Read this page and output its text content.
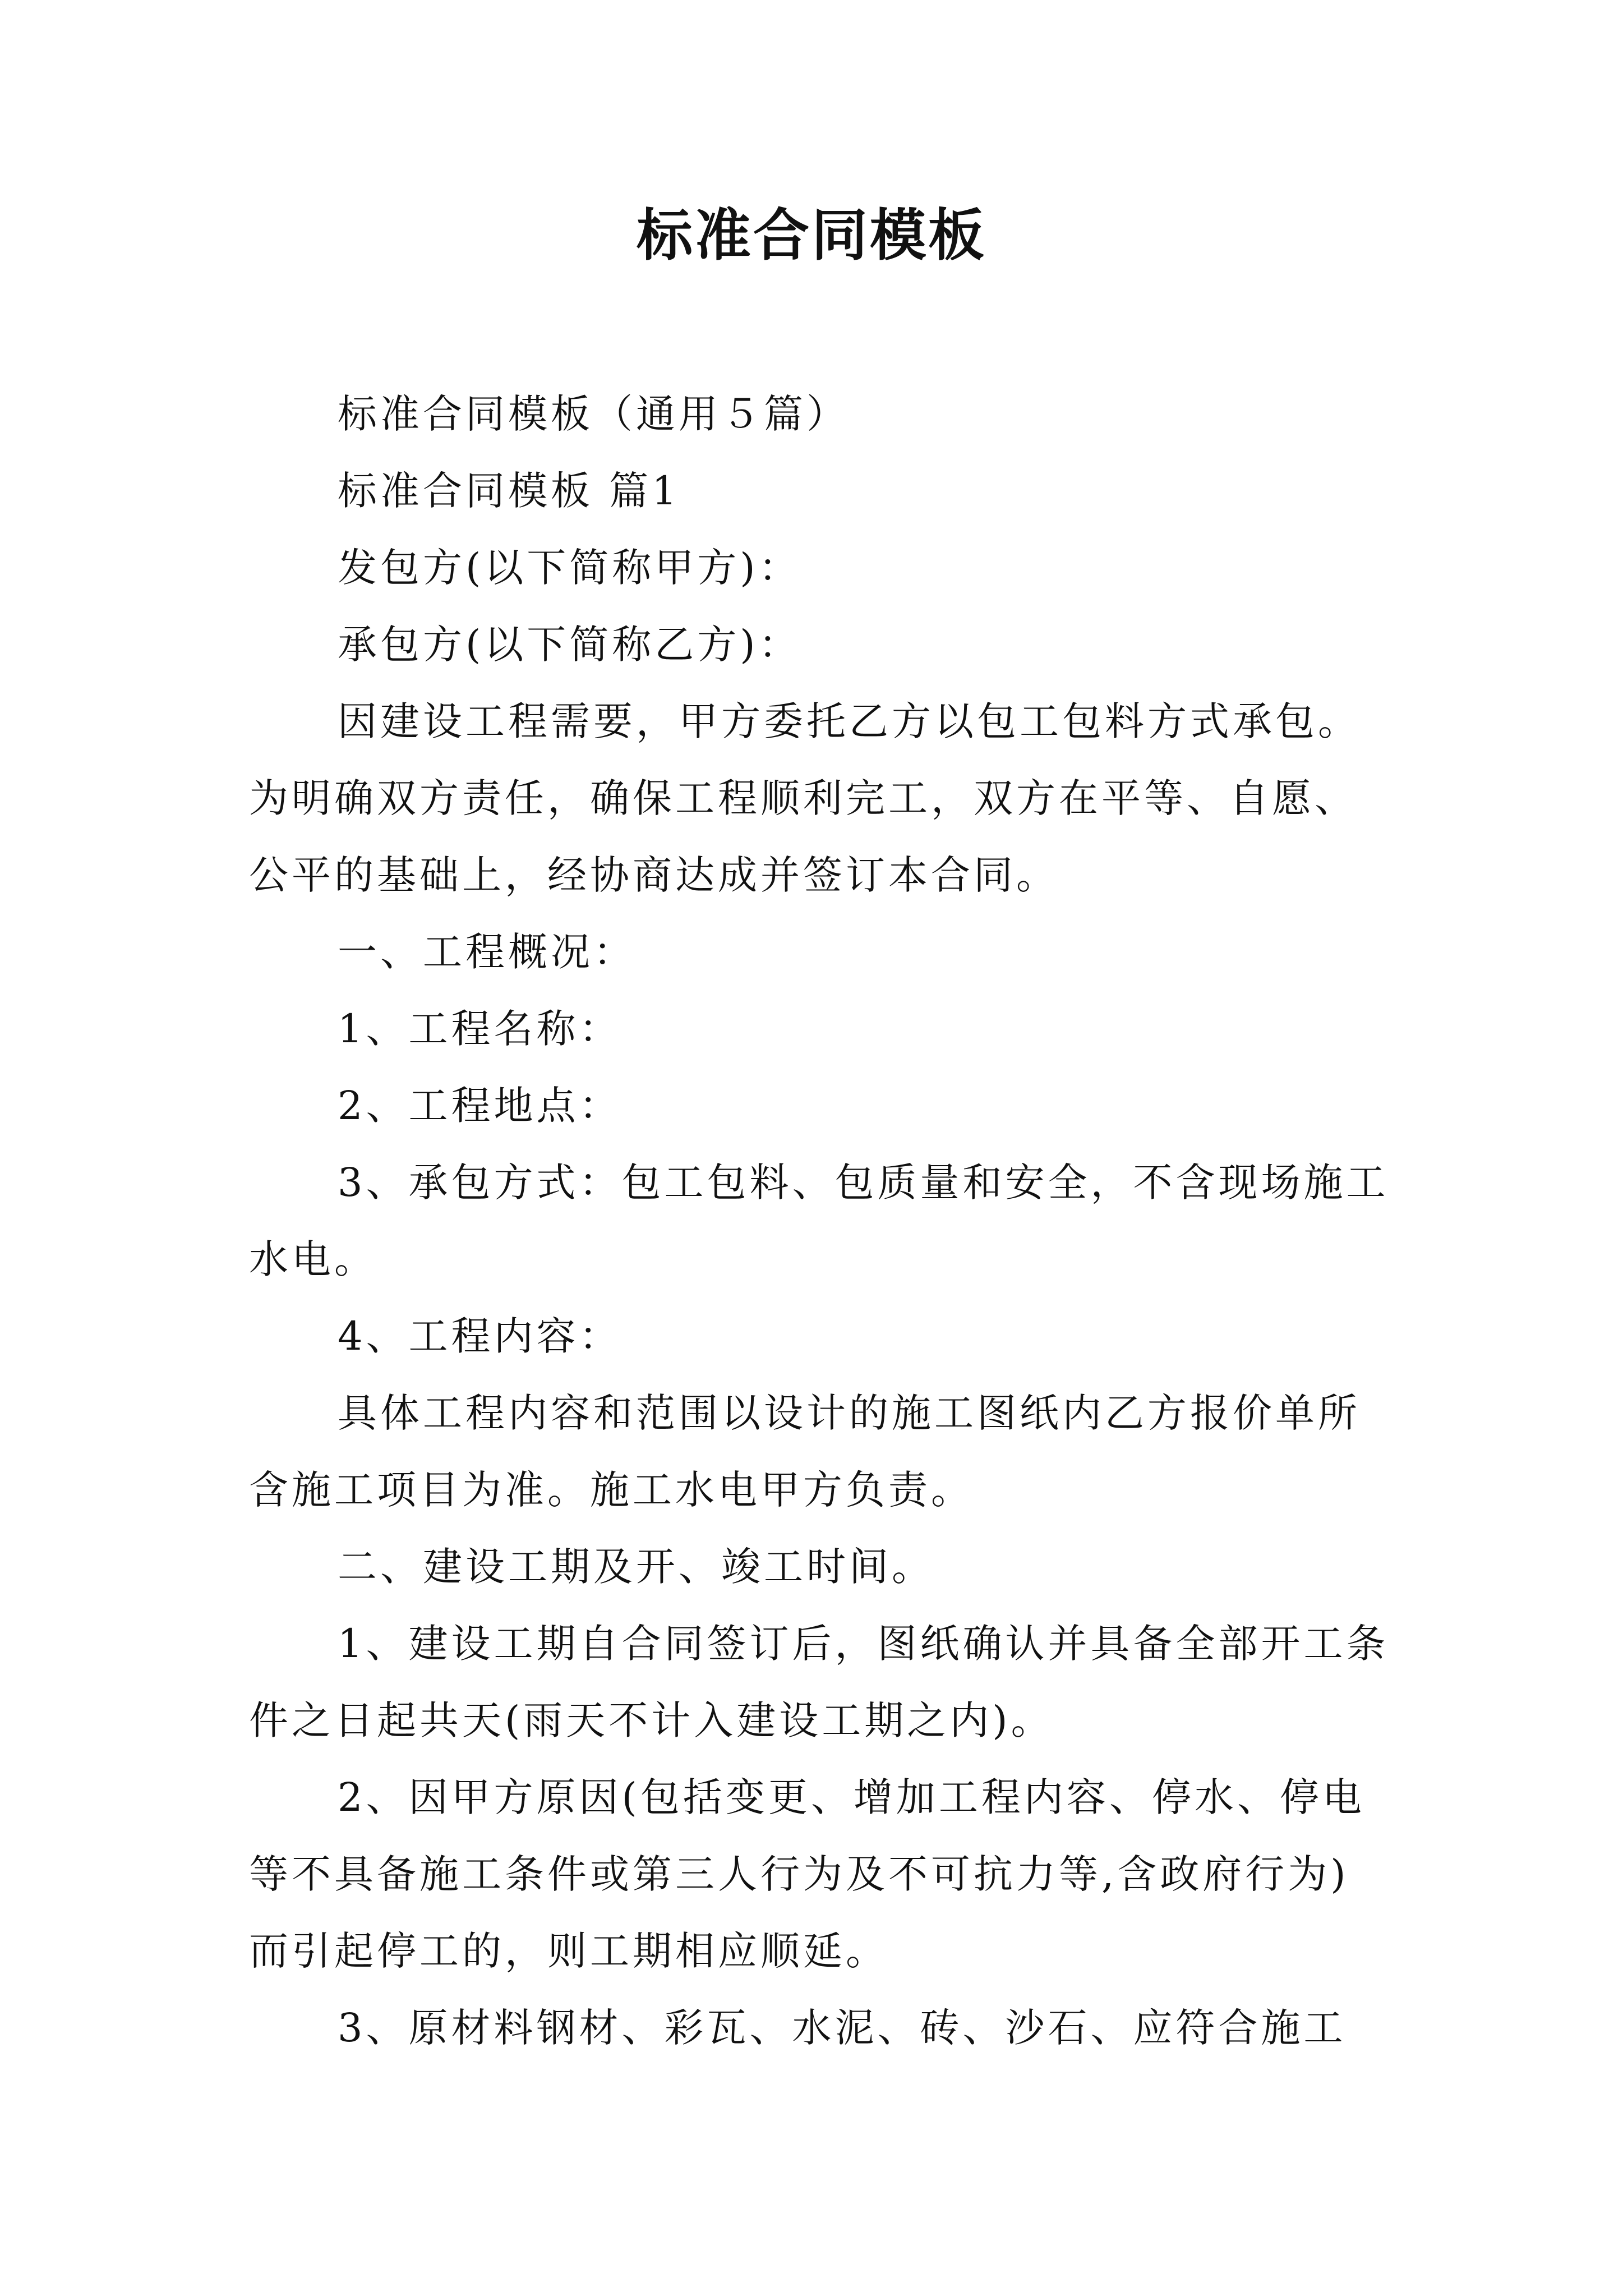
标准合同模板

标准合同模板（通用５篇）

标准合同模板 篇1

发包方(以下简称甲方)：

承包方(以下简称乙方)：

因建设工程需要，甲方委托乙方以包工包料方式承包。为明确双方责任，确保工程顺利完工，双方在平等、自愿、公平的基础上，经协商达成并签订本合同。

一、工程概况：

1、工程名称：

2、工程地点：

3、承包方式：包工包料、包质量和安全，不含现场施工水电。

4、工程内容：

具体工程内容和范围以设计的施工图纸内乙方报价单所含施工项目为准。施工水电甲方负责。

二、建设工期及开、竣工时间。

1、建设工期自合同签订后，图纸确认并具备全部开工条件之日起共天(雨天不计入建设工期之内)。

2、因甲方原因(包括变更、增加工程内容、停水、停电等不具备施工条件或第三人行为及不可抗力等,含政府行为)而引起停工的，则工期相应顺延。

3、原材料钢材、彩瓦、水泥、砖、沙石、应符合施工
